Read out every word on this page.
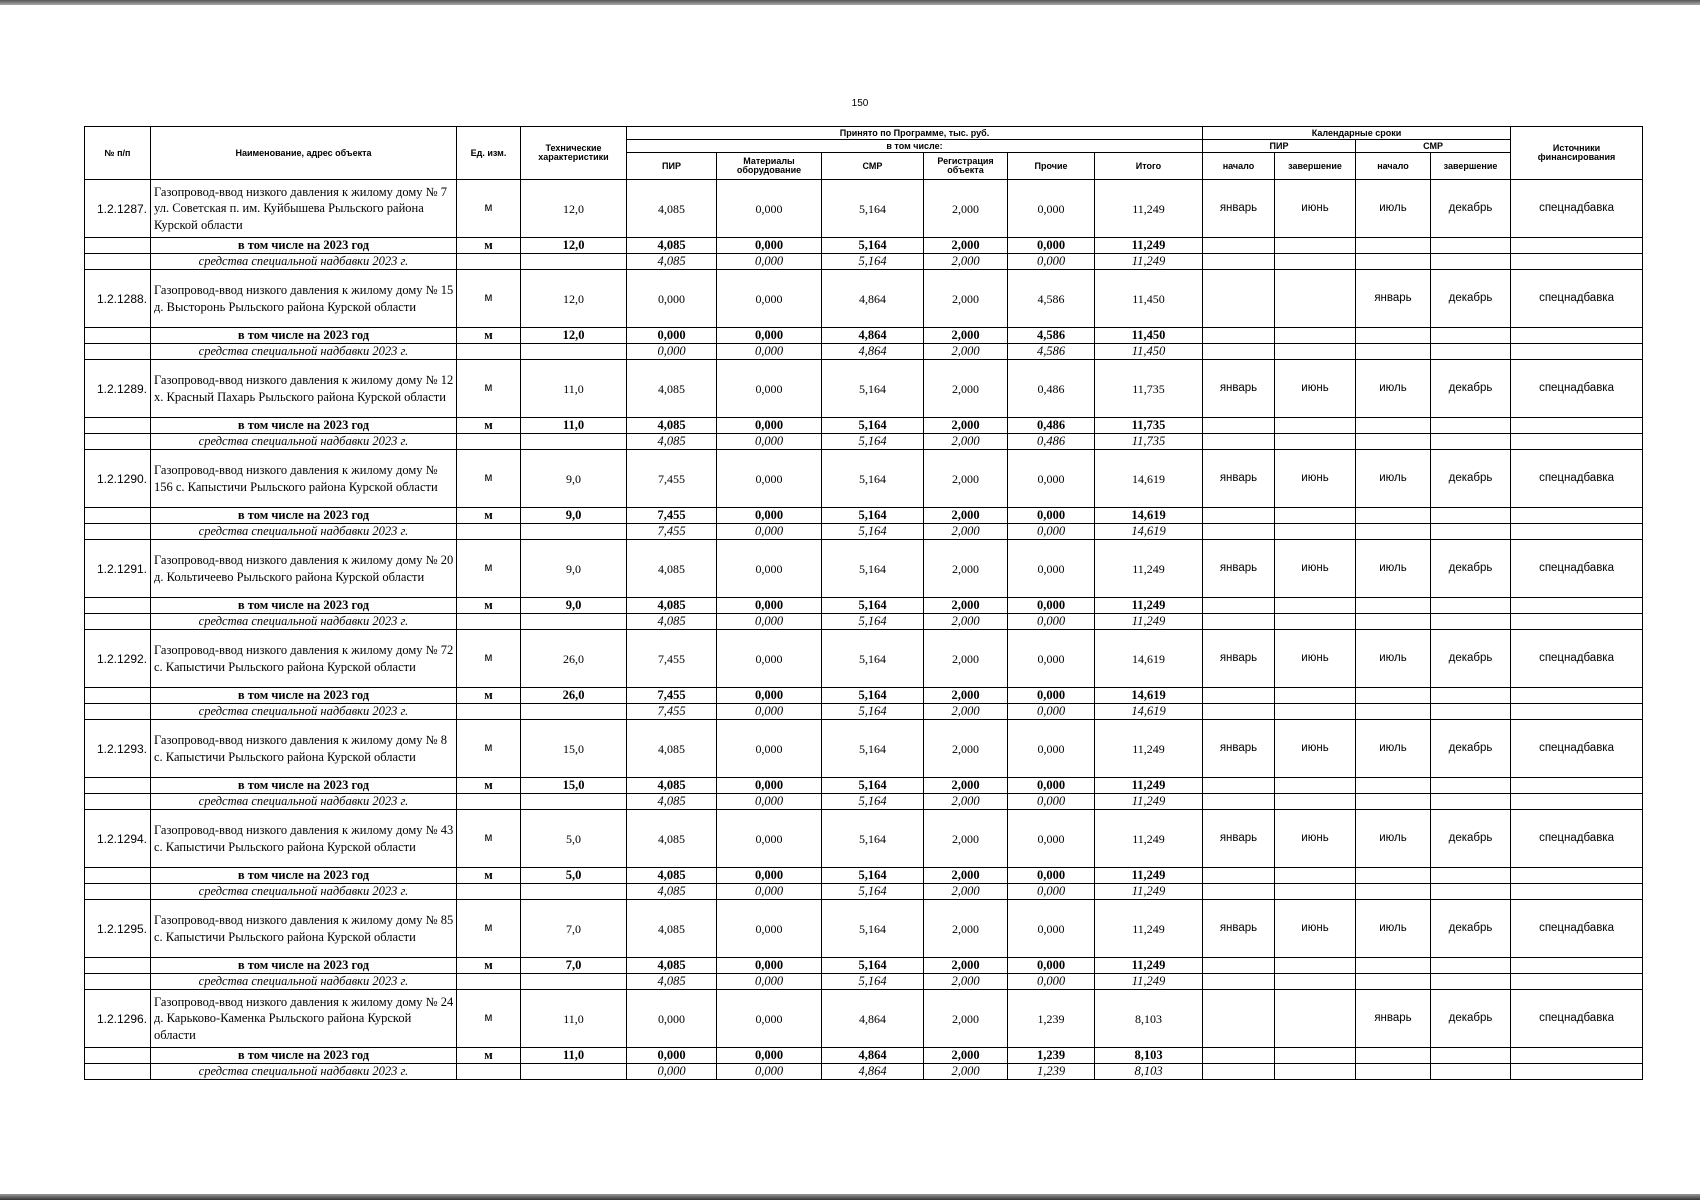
150
№ п/п	Наименование, адрес объекта	Ед. изм.	Технические характеристики	Принято по Программе, тыс. руб.						Календарные сроки				Источники финансирования
				в том числе:						ПИР		СМР		
				ПИР	Материалы оборудование	СМР	Регистрация объекта	Прочие	Итого	начало	завершение	начало	завершение	
1.2.1287.	Газопровод-ввод низкого давления к жилому дому № 7 ул. Советская п. им. Куйбышева Рыльского района Курской области	м	12,0	4,085	0,000	5,164	2,000	0,000	11,249	январь	июнь	июль	декабрь	спецнадбавка
	в том числе на 2023 год	м	12,0	4,085	0,000	5,164	2,000	0,000	11,249					
	средства специальной надбавки 2023 г.			4,085	0,000	5,164	2,000	0,000	11,249					
1.2.1288.	Газопровод-ввод низкого давления к жилому дому № 15 д. Высторонь Рыльского района Курской области	м	12,0	0,000	0,000	4,864	2,000	4,586	11,450			январь	декабрь	спецнадбавка
	в том числе на 2023 год	м	12,0	0,000	0,000	4,864	2,000	4,586	11,450					
	средства специальной надбавки 2023 г.			0,000	0,000	4,864	2,000	4,586	11,450					
1.2.1289.	Газопровод-ввод низкого давления к жилому дому № 12 х. Красный Пахарь Рыльского района Курской области	м	11,0	4,085	0,000	5,164	2,000	0,486	11,735	январь	июнь	июль	декабрь	спецнадбавка
	в том числе на 2023 год	м	11,0	4,085	0,000	5,164	2,000	0,486	11,735					
	средства специальной надбавки 2023 г.			4,085	0,000	5,164	2,000	0,486	11,735					
1.2.1290.	Газопровод-ввод низкого давления к жилому дому № 156 с. Капыстичи Рыльского района Курской области	м	9,0	7,455	0,000	5,164	2,000	0,000	14,619	январь	июнь	июль	декабрь	спецнадбавка
	в том числе на 2023 год	м	9,0	7,455	0,000	5,164	2,000	0,000	14,619					
	средства специальной надбавки 2023 г.			7,455	0,000	5,164	2,000	0,000	14,619					
1.2.1291.	Газопровод-ввод низкого давления к жилому дому № 20 д. Кольтичеево Рыльского района Курской области	м	9,0	4,085	0,000	5,164	2,000	0,000	11,249	январь	июнь	июль	декабрь	спецнадбавка
	в том числе на 2023 год	м	9,0	4,085	0,000	5,164	2,000	0,000	11,249					
	средства специальной надбавки 2023 г.			4,085	0,000	5,164	2,000	0,000	11,249					
1.2.1292.	Газопровод-ввод низкого давления к жилому дому № 72 с. Капыстичи Рыльского района Курской области	м	26,0	7,455	0,000	5,164	2,000	0,000	14,619	январь	июнь	июль	декабрь	спецнадбавка
	в том числе на 2023 год	м	26,0	7,455	0,000	5,164	2,000	0,000	14,619					
	средства специальной надбавки 2023 г.			7,455	0,000	5,164	2,000	0,000	14,619					
1.2.1293.	Газопровод-ввод низкого давления к жилому дому № 8 с. Капыстичи Рыльского района Курской области	м	15,0	4,085	0,000	5,164	2,000	0,000	11,249	январь	июнь	июль	декабрь	спецнадбавка
	в том числе на 2023 год	м	15,0	4,085	0,000	5,164	2,000	0,000	11,249					
	средства специальной надбавки 2023 г.			4,085	0,000	5,164	2,000	0,000	11,249					
1.2.1294.	Газопровод-ввод низкого давления к жилому дому № 43 с. Капыстичи Рыльского района Курской области	м	5,0	4,085	0,000	5,164	2,000	0,000	11,249	январь	июнь	июль	декабрь	спецнадбавка
	в том числе на 2023 год	м	5,0	4,085	0,000	5,164	2,000	0,000	11,249					
	средства специальной надбавки 2023 г.			4,085	0,000	5,164	2,000	0,000	11,249					
1.2.1295.	Газопровод-ввод низкого давления к жилому дому № 85 с. Капыстичи Рыльского района Курской области	м	7,0	4,085	0,000	5,164	2,000	0,000	11,249	январь	июнь	июль	декабрь	спецнадбавка
	в том числе на 2023 год	м	7,0	4,085	0,000	5,164	2,000	0,000	11,249					
	средства специальной надбавки 2023 г.			4,085	0,000	5,164	2,000	0,000	11,249					
1.2.1296.	Газопровод-ввод низкого давления к жилому дому № 24 д. Карьково-Каменка Рыльского района Курской области	м	11,0	0,000	0,000	4,864	2,000	1,239	8,103			январь	декабрь	спецнадбавка
	в том числе на 2023 год	м	11,0	0,000	0,000	4,864	2,000	1,239	8,103					
	средства специальной надбавки 2023 г.			0,000	0,000	4,864	2,000	1,239	8,103					
